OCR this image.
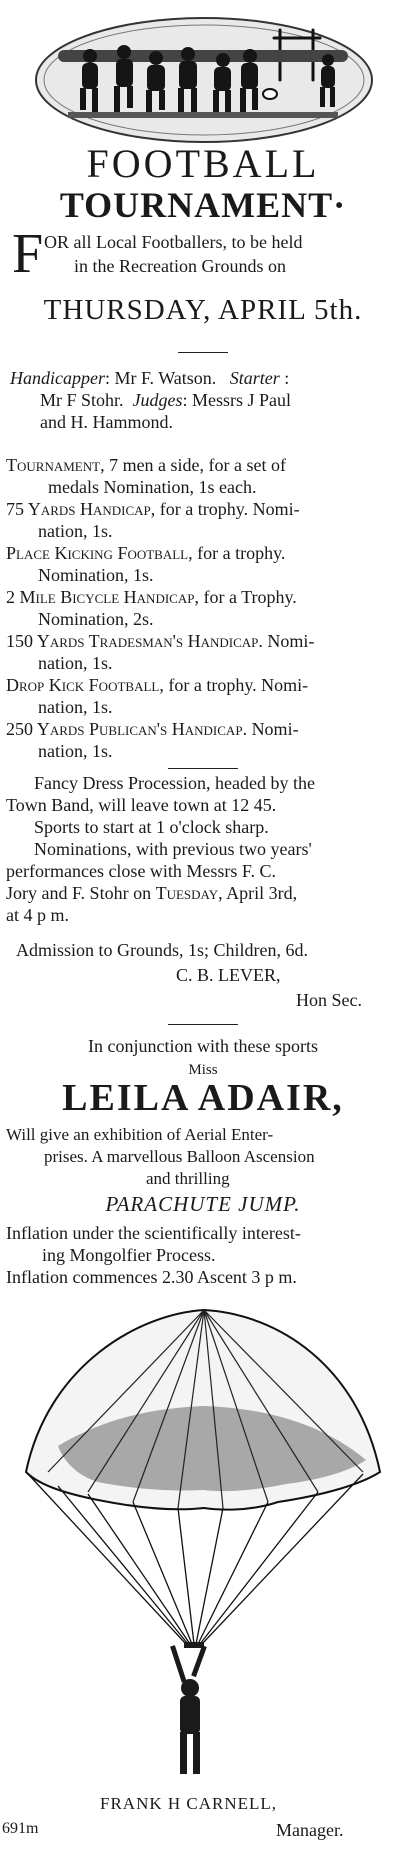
FOOTBALL
TOURNAMENT·
F OR all Local Footballers, to be held
in the Recreation Grounds on
THURSDAY, APRIL 5th.
Handicapper: Mr F. Watson. Starter :
Mr F Stohr. Judges: Messrs J Paul
and H. Hammond.
Tournament, 7 men a side, for a set of
medals Nomination, 1s each.
75 Yards Handicap, for a trophy. Nomi-
nation, 1s.
Place Kicking Football, for a trophy.
Nomination, 1s.
2 Mile Bicycle Handicap, for a Trophy.
Nomination, 2s.
150 Yards Tradesman's Handicap. Nomi-
nation, 1s.
Drop Kick Football, for a trophy. Nomi-
nation, 1s.
250 Yards Publican's Handicap. Nomi-
nation, 1s.
Fancy Dress Procession, headed by the
Town Band, will leave town at 12 45.
Sports to start at 1 o'clock sharp.
Nominations, with previous two years'
performances close with Messrs F. C.
Jory and F. Stohr on Tuesday, April 3rd,
at 4 p m.
Admission to Grounds, 1s; Children, 6d.
C. B. LEVER,
Hon Sec.
In conjunction with these sports
Miss
LEILA ADAIR,
Will give an exhibition of Aerial Enter-
prises. A marvellous Balloon Ascension
and thrilling
PARACHUTE JUMP.
Inflation under the scientifically interest-
ing Mongolfier Process.
Inflation commences 2.30 Ascent 3 p m.
FRANK H CARNELL,
691m	Manager.
